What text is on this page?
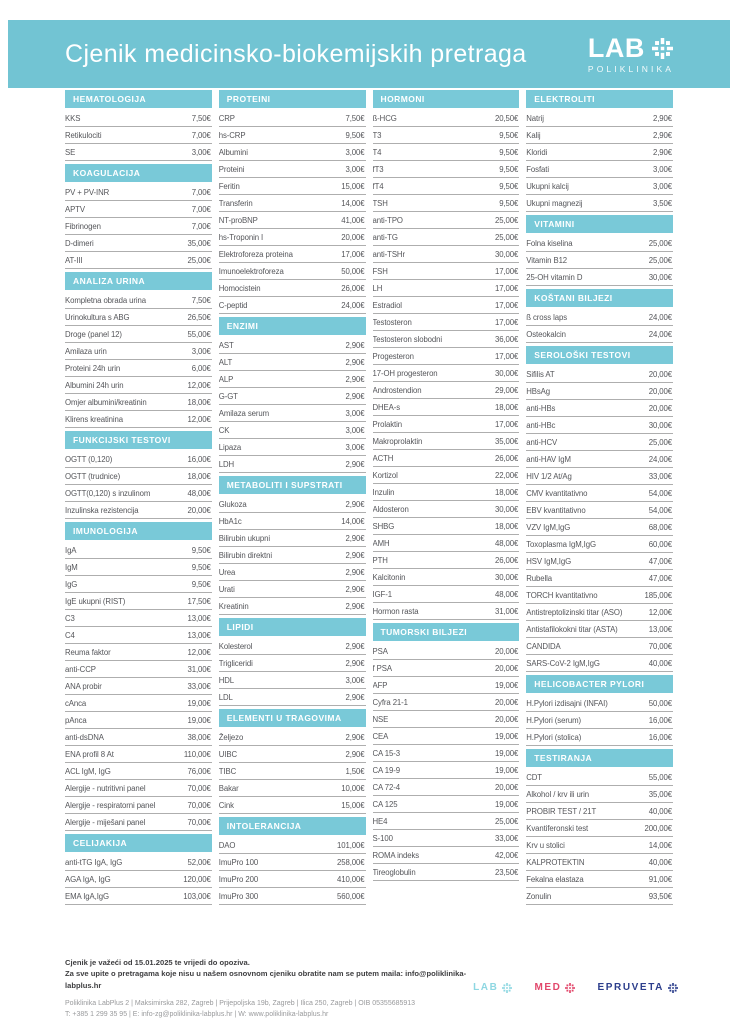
Cjenik medicinsko-biokemijskih pretraga LAB
POLIKLINIKA
HEMATOLOGIJA
KKS	7,50€
Retikulociti	7,00€
SE	3,00€
KOAGULACIJA
PV + PV-INR	7,00€
APTV	7,00€
Fibrinogen	7,00€
D-dimeri	35,00€
AT-III	25,00€
ANALIZA URINA
Kompletna obrada urina	7,50€
Urinokultura s ABG	26,50€
Droge (panel 12)	55,00€
Amilaza urin	3,00€
Proteini 24h urin	6,00€
Albumini 24h urin	12,00€
Omjer albumini/kreatinin	18,00€
Klirens kreatinina	12,00€
FUNKCIJSKI TESTOVI
OGTT (0,120)	16,00€
OGTT (trudnice)	18,00€
OGTT(0,120) s inzulinom	48,00€
Inzulinska rezistencija	20,00€
IMUNOLOGIJA
IgA	9,50€
IgM	9,50€
IgG	9,50€
IgE ukupni (RIST)	17,50€
C3	13,00€
C4	13,00€
Reuma faktor	12,00€
anti-CCP	31,00€
ANA probir	33,00€
cAnca	19,00€
pAnca	19,00€
anti-dsDNA	38,00€
ENA profil 8 At	110,00€
ACL IgM, IgG	76,00€
Alergije - nutritivni panel	70,00€
Alergije - respiratorni panel	70,00€
Alergije - miješani panel	70,00€
CELIJAKIJA
anti-tTG IgA, IgG	52,00€
AGA IgA, IgG	120,00€
EMA IgA,IgG	103,00€
PROTEINI
CRP	7,50€
hs-CRP	9,50€
Albumini	3,00€
Proteini	3,00€
Feritin	15,00€
Transferin	14,00€
NT-proBNP	41,00€
hs-Troponin I	20,00€
Elektroforeza proteina	17,00€
Imunoelektroforeza	50,00€
Homocistein	26,00€
C-peptid	24,00€
ENZIMI
AST	2,90€
ALT	2,90€
ALP	2,90€
G-GT	2,90€
Amilaza serum	3,00€
CK	3,00€
Lipaza	3,00€
LDH	2,90€
METABOLITI I SUPSTRATI
Glukoza	2,90€
HbA1c	14,00€
Bilirubin ukupni	2,90€
Bilirubin direktni	2,90€
Urea	2,90€
Urati	2,90€
Kreatinin	2,90€
LIPIDI
Kolesterol	2,90€
Trigliceridi	2,90€
HDL	3,00€
LDL	2,90€
ELEMENTI U TRAGOVIMA
Željezo	2,90€
UIBC	2,90€
TIBC	1,50€
Bakar	10,00€
Cink	15,00€
INTOLERANCIJA
DAO	101,00€
ImuPro 100	258,00€
ImuPro 200	410,00€
ImuPro 300	560,00€
HORMONI
ß-HCG	20,50€
T3	9,50€
T4	9,50€
fT3	9,50€
fT4	9,50€
TSH	9,50€
anti-TPO	25,00€
anti-TG	25,00€
anti-TSHr	30,00€
FSH	17,00€
LH	17,00€
Estradiol	17,00€
Testosteron	17,00€
Testosteron slobodni	36,00€
Progesteron	17,00€
17-OH progesteron	30,00€
Androstendion	29,00€
DHEA-s	18,00€
Prolaktin	17,00€
Makroprolaktin	35,00€
ACTH	26,00€
Kortizol	22,00€
Inzulin	18,00€
Aldosteron	30,00€
SHBG	18,00€
AMH	48,00€
PTH	26,00€
Kalcitonin	30,00€
IGF-1	48,00€
Hormon rasta	31,00€
TUMORSKI BILJEZI
PSA	20,00€
f PSA	20,00€
AFP	19,00€
Cyfra 21-1	20,00€
NSE	20,00€
CEA	19,00€
CA 15-3	19,00€
CA 19-9	19,00€
CA 72-4	20,00€
CA 125	19,00€
HE4	25,00€
S-100	33,00€
ROMA indeks	42,00€
Tireoglobulin	23,50€
ELEKTROLITI
Natrij	2,90€
Kalij	2,90€
Kloridi	2,90€
Fosfati	3,00€
Ukupni kalcij	3,00€
Ukupni magnezij	3,50€
VITAMINI
Folna kiselina	25,00€
Vitamin B12	25,00€
25-OH vitamin D	30,00€
KOŠTANI BILJEZI
ß cross laps	24,00€
Osteokalcin	24,00€
SEROLOŠKI TESTOVI
Sifilis AT	20,00€
HBsAg	20,00€
anti-HBs	20,00€
anti-HBc	30,00€
anti-HCV	25,00€
anti-HAV IgM	24,00€
HIV 1/2 At/Ag	33,00€
CMV kvantitativno	54,00€
EBV kvantitativno	54,00€
VZV IgM,IgG	68,00€
Toxoplasma IgM,IgG	60,00€
HSV IgM,IgG	47,00€
Rubella	47,00€
TORCH kvantitativno	185,00€
Antistreptolizinski titar (ASO)	12,00€
Antistafilokokni titar (ASTA)	13,00€
CANDIDA	70,00€
SARS-CoV-2 IgM,IgG	40,00€
HELICOBACTER PYLORI
H.Pylori izdisajni (INFAI)	50,00€
H.Pylori (serum)	16,00€
H.Pylori (stolica)	16,00€
TESTIRANJA
CDT	55,00€
Alkohol / krv ili urin	35,00€
PROBIR TEST / 21T	40,00€
Kvantiferonski test	200,00€
Krv u stolici	14,00€
KALPROTEKTIN	40,00€
Fekalna elastaza	91,00€
Zonulin	93,50€
Cjenik je važeći od 15.01.2025 te vrijedi do opoziva.
Za sve upite o pretragama koje nisu u našem osnovnom cjeniku obratite nam se putem maila: info@poliklinika-labplus.hr
Poliklinika LabPlus 2 | Maksimirska 282, Zagreb | Prijepoljska 19b, Zagreb | Ilica 250, Zagreb | OIB 05355685913
T: +385 1 299 35 95 | E: info-zg@poliklinika-labplus.hr | W: www.poliklinika-labplus.hr
LAB	MED	EPRUVETA
